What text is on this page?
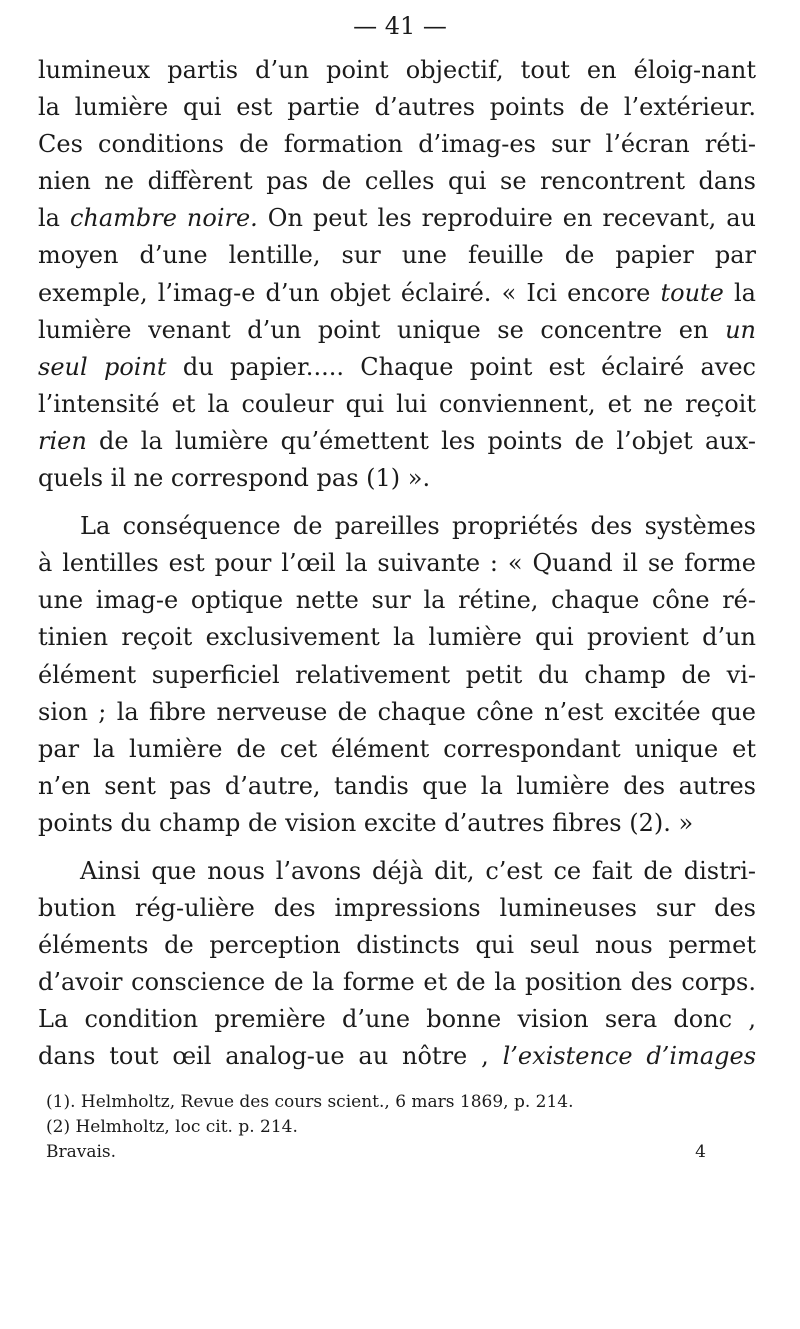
— 41 —
lumineux partis d’un point objectif, tout en éloig‑nant
la lumière qui est partie d’autres points de l’extérieur.
Ces conditions de formation d’imag‑es sur l’écran réti-
nien ne diffèrent pas de celles qui se rencontrent dans
la chambre noire. On peut les reproduire en recevant, au
moyen d’une lentille, sur une feuille de papier par
exemple, l’imag‑e d’un objet éclairé. « Ici encore toute la
lumière venant d’un point unique se concentre en un
seul point du papier..... Chaque point est éclairé avec
l’intensité et la couleur qui lui conviennent, et ne reçoit
rien de la lumière qu’émettent les points de l’objet aux-
quels il ne correspond pas (1) ».
La conséquence de pareilles propriétés des systèmes
à lentilles est pour l’œil la suivante : « Quand il se forme
une imag‑e optique nette sur la rétine, chaque cône ré-
tinien reçoit exclusivement la lumière qui provient d’un
élément superficiel relativement petit du champ de vi-
sion ; la fibre nerveuse de chaque cône n’est excitée que
par la lumière de cet élément correspondant unique et
n’en sent pas d’autre, tandis que la lumière des autres
points du champ de vision excite d’autres fibres (2). »
Ainsi que nous l’avons déjà dit, c’est ce fait de distri-
bution rég‑ulière des impressions lumineuses sur des
éléments de perception distincts qui seul nous permet
d’avoir conscience de la forme et de la position des corps.
La condition première d’une bonne vision sera donc ,
dans tout œil analog‑ue au nôtre , l’existence d’images
(1). Helmholtz, Revue des cours scient., 6 mars 1869, p. 214.
(2) Helmholtz, loc cit. p. 214.
Bravais.	4
